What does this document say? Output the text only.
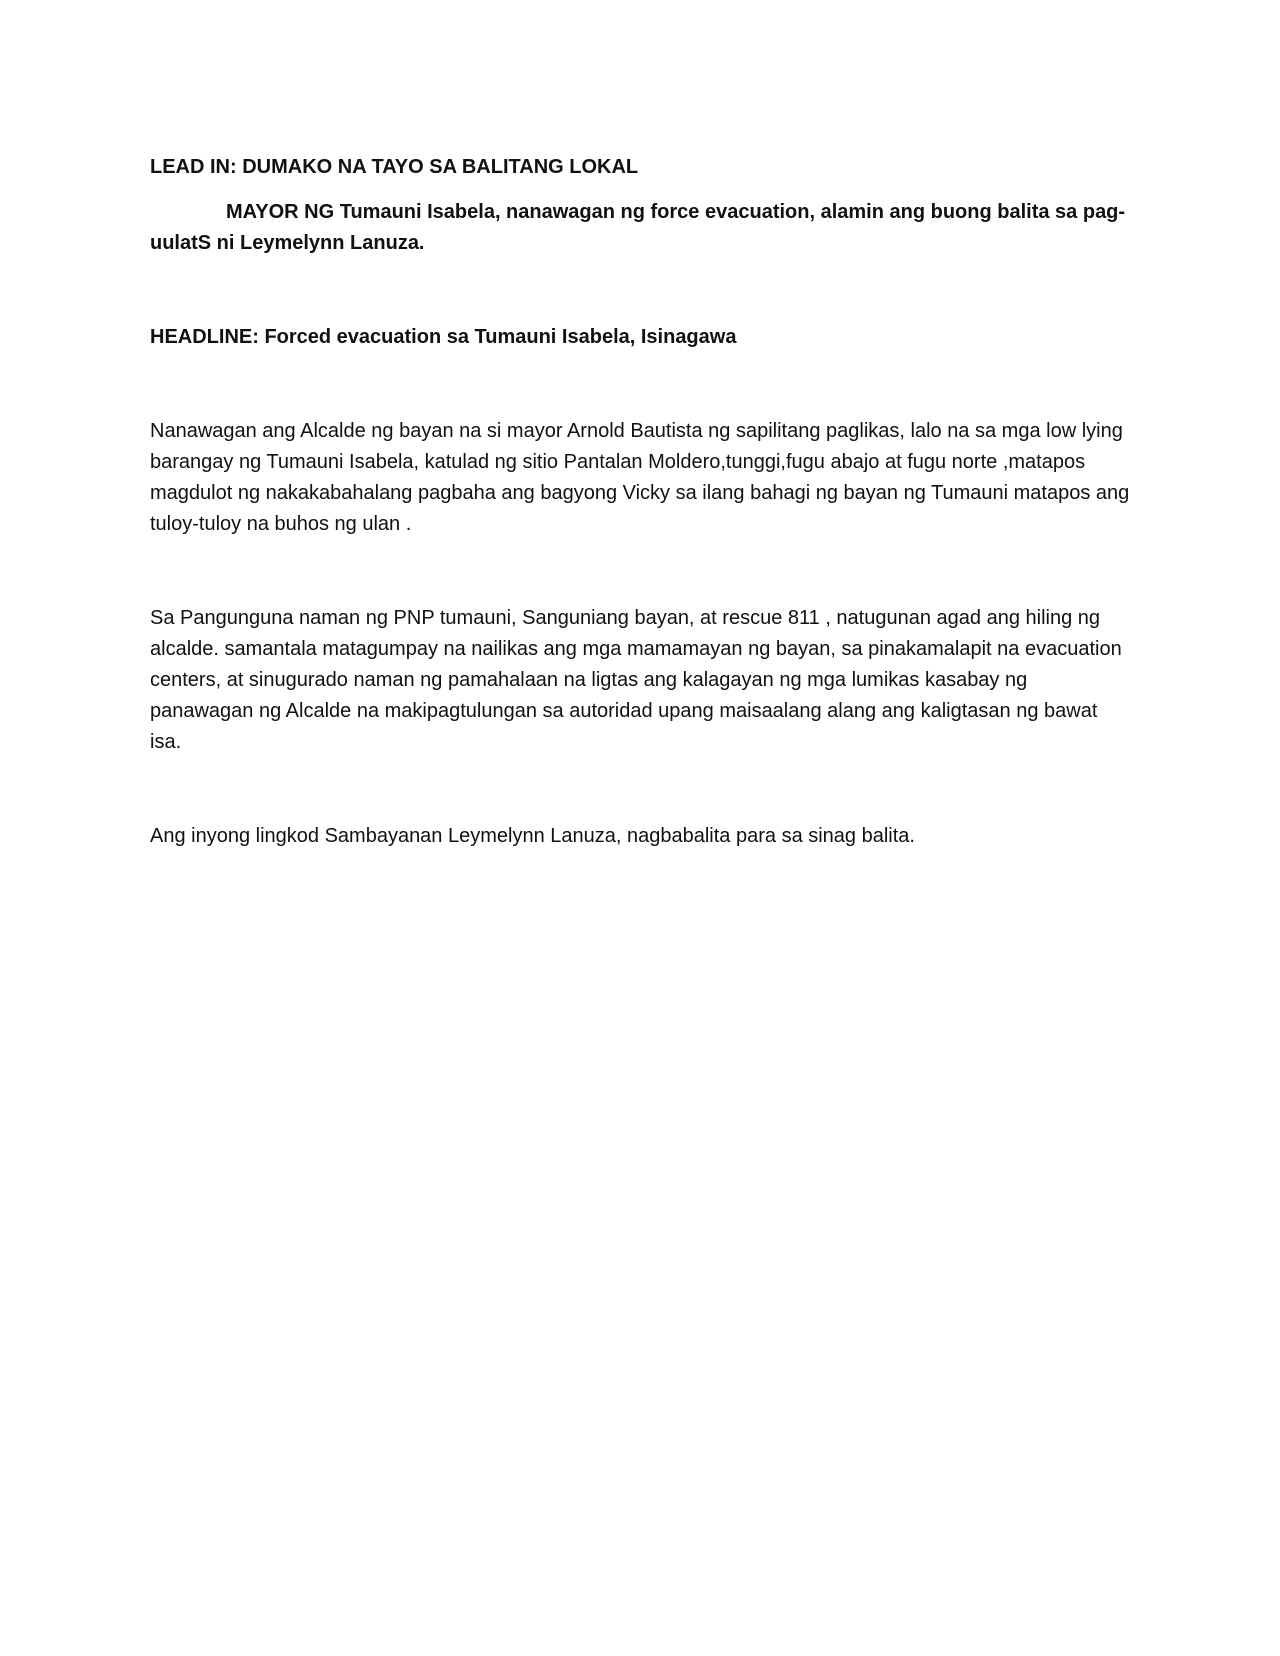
LEAD IN: DUMAKO NA TAYO SA BALITANG LOKAL

MAYOR NG Tumauni Isabela, nanawagan ng force evacuation, alamin ang buong balita sa pag-uulatS ni Leymelynn Lanuza.

HEADLINE: Forced evacuation sa Tumauni Isabela, Isinagawa

Nanawagan ang Alcalde ng bayan na si mayor Arnold Bautista ng sapilitang paglikas, lalo na sa mga low lying barangay ng Tumauni Isabela, katulad ng sitio Pantalan Moldero,tunggi,fugu abajo at fugu norte ,matapos magdulot ng nakakabahalang pagbaha ang bagyong Vicky sa ilang bahagi ng bayan ng Tumauni matapos ang tuloy-tuloy na buhos ng ulan .

Sa Pangunguna naman ng PNP tumauni, Sanguniang bayan, at rescue 811 , natugunan agad ang hiling ng alcalde. samantala matagumpay na nailikas ang mga mamamayan ng bayan, sa pinakamalapit na evacuation centers, at sinugurado naman ng pamahalaan na ligtas ang kalagayan ng mga lumikas kasabay ng panawagan ng Alcalde na makipagtulungan sa autoridad upang maisaalang alang ang kaligtasan ng bawat isa.

Ang inyong lingkod Sambayanan Leymelynn Lanuza, nagbabalita para sa sinag balita.
